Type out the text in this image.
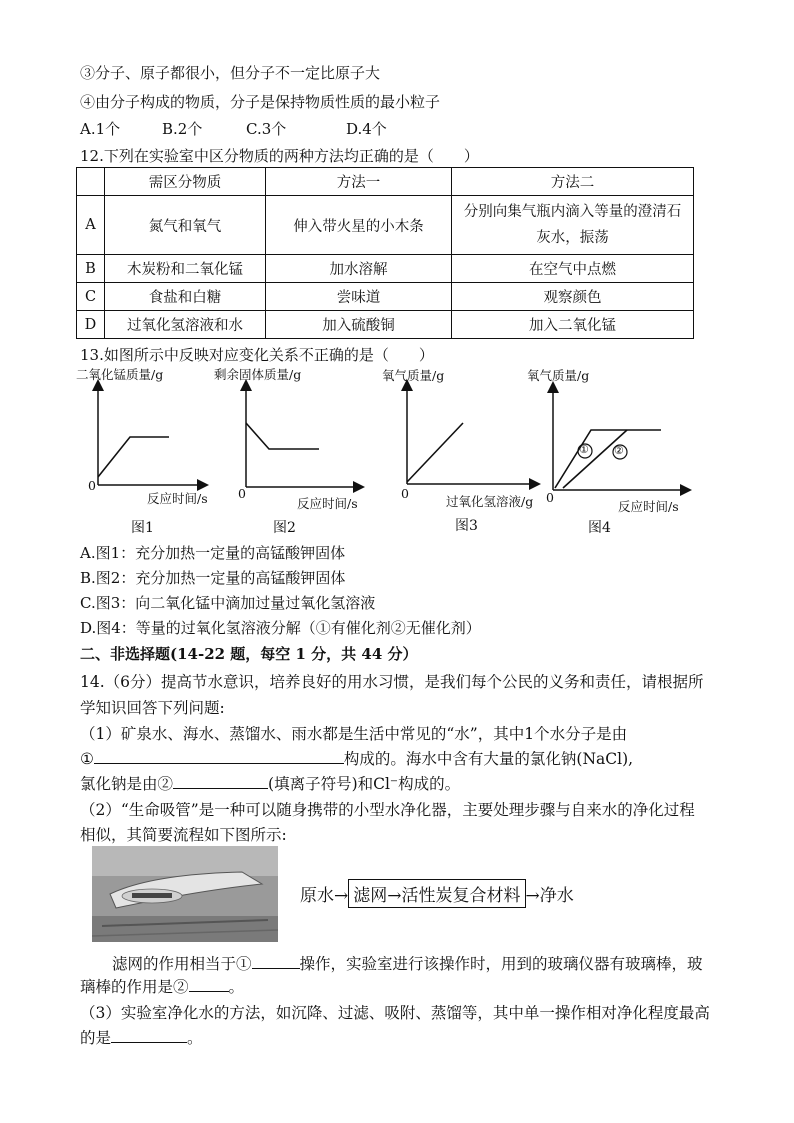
③分子、原子都很小，但分子不一定比原子大
④由分子构成的物质，分子是保持物质性质的最小粒子
A.1个	B.2个	C.3个	D.4个
12.下列在实验室中区分物质的两种方法均正确的是（　　）
	需区分物质	方法一	方法二
A	氮气和氧气	伸入带火星的小木条	分别向集气瓶内滴入等量的澄清石
灰水，振荡

B	木炭粉和二氧化锰	加水溶解	在空气中点燃
C	食盐和白糖	尝味道	观察颜色
D	过氧化氢溶液和水	加入硫酸铜	加入二氧化锰
13.如图所示中反映对应变化关系不正确的是（　　）
二氧化锰质量/g
0
反应时间/s
图1
剩余固体质量/g
0
反应时间/s
图2
氧气质量/g
0
过氧化氢溶液/g
图3
氧气质量/g
① ②
0
反应时间/s
图4
A.图1：充分加热一定量的高锰酸钾固体
B.图2：充分加热一定量的高锰酸钾固体
C.图3：向二氧化锰中滴加过量过氧化氢溶液
D.图4：等量的过氧化氢溶液分解（①有催化剂②无催化剂）
二、非选择题(14-22 题，每空 1 分，共 44 分）
14.（6分）提高节水意识，培养良好的用水习惯，是我们每个公民的义务和责任，请根据所
学知识回答下列问题:
（1）矿泉水、海水、蒸馏水、雨水都是生活中常见的“水”，其中1个水分子是由
①	构成的。海水中含有大量的氯化钠(NaCl),
氯化钠是由②	(填离子符号)和Cl⁻构成的。
（2）“生命吸管”是一种可以随身携带的小型水净化器，主要处理步骤与自来水的净化过程
相似，其简要流程如下图所示:
原水→ 滤网→活性炭复合材料 →净水
滤网的作用相当于①	操作，实验室进行该操作时，用到的玻璃仪器有玻璃棒，玻
璃棒的作用是②	。
（3）实验室净化水的方法，如沉降、过滤、吸附、蒸馏等，其中单一操作相对净化程度最高
的是	。
